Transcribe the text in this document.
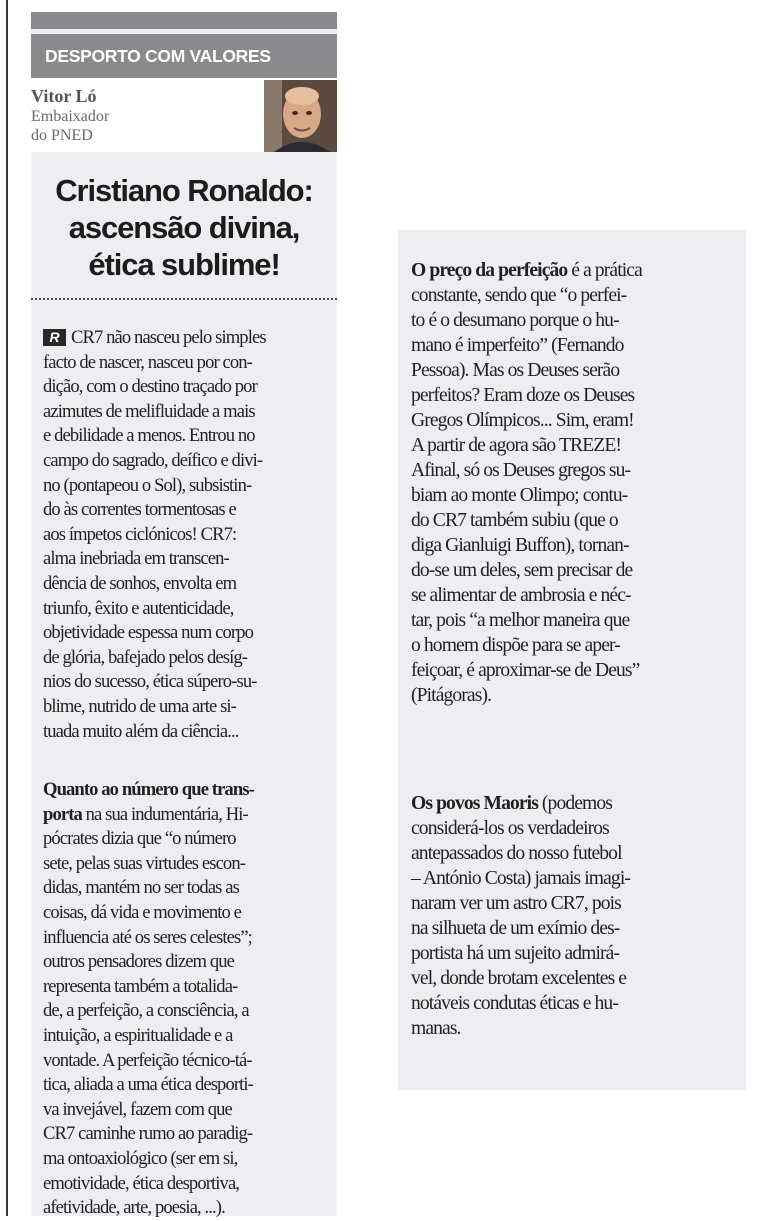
DESPORTO COM VALORES
Vitor Ló
Embaixador
do PNED
Cristiano Ronaldo:
ascensão divina,
ética sublime!
R CR7 não nasceu pelo simples
facto de nascer, nasceu por con-
dição, com o destino traçado por
azimutes de melifluidade a mais
e debilidade a menos. Entrou no
campo do sagrado, deífico e divi-
no (pontapeou o Sol), subsistin-
do às correntes tormentosas e
aos ímpetos ciclónicos! CR7:
alma inebriada em transcen-
dência de sonhos, envolta em
triunfo, êxito e autenticidade,
objetividade espessa num corpo
de glória, bafejado pelos desíg-
nios do sucesso, ética súpero-su-
blime, nutrido de uma arte si-
tuada muito além da ciência...
Quanto ao número que trans-
porta na sua indumentária, Hi-
pócrates dizia que “o número
sete, pelas suas virtudes escon-
didas, mantém no ser todas as
coisas, dá vida e movimento e
influencia até os seres celestes”;
outros pensadores dizem que
representa também a totalida-
de, a perfeição, a consciência, a
intuição, a espiritualidade e a
vontade. A perfeição técnico-tá-
tica, aliada a uma ética desporti-
va invejável, fazem com que
CR7 caminhe rumo ao paradig-
ma ontoaxiológico (ser em si,
emotividade, ética desportiva,
afetividade, arte, poesia, ...).
O preço da perfeição é a prática
constante, sendo que “o perfei-
to é o desumano porque o hu-
mano é imperfeito” (Fernando
Pessoa). Mas os Deuses serão
perfeitos? Eram doze os Deuses
Gregos Olímpicos... Sim, eram!
A partir de agora são TREZE!
Afinal, só os Deuses gregos su-
biam ao monte Olimpo; contu-
do CR7 também subiu (que o
diga Gianluigi Buffon), tornan-
do-se um deles, sem precisar de
se alimentar de ambrosia e néc-
tar, pois “a melhor maneira que
o homem dispõe para se aper-
feiçoar, é aproximar-se de Deus”
(Pitágoras).
Os povos Maoris (podemos
considerá-los os verdadeiros
antepassados do nosso futebol
– António Costa) jamais imagi-
naram ver um astro CR7, pois
na silhueta de um exímio des-
portista há um sujeito admirá-
vel, donde brotam excelentes e
notáveis condutas éticas e hu-
manas.
